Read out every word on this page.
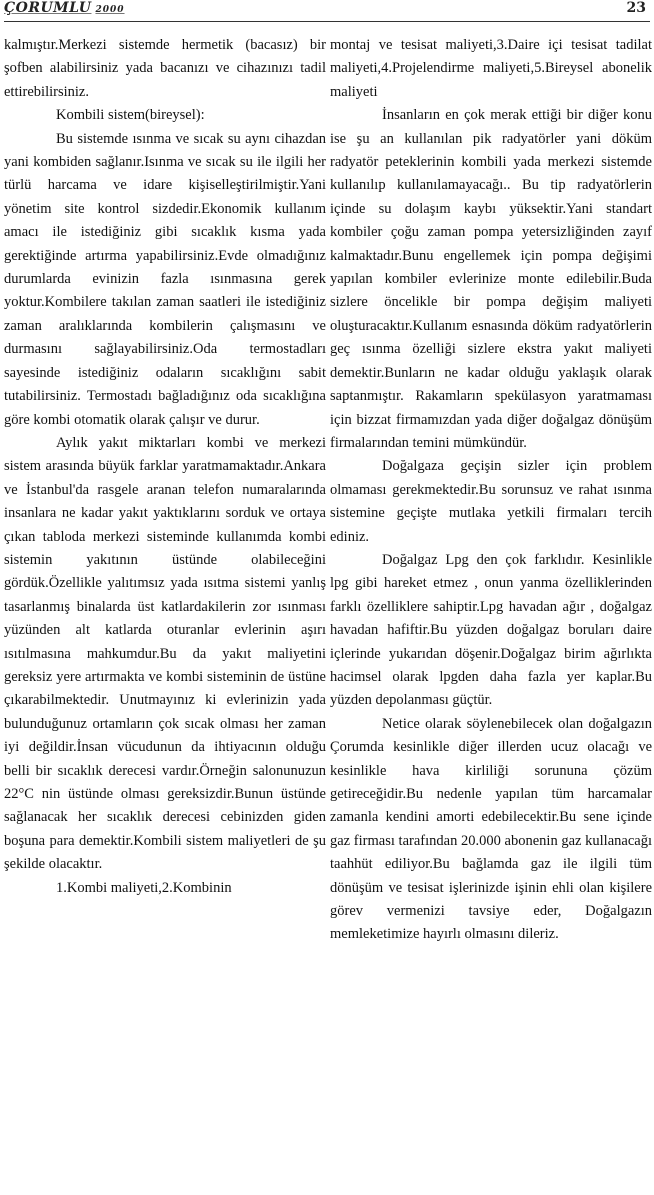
ÇORUMLU 2000	23

kalmıştır.Merkezi sistemde hermetik (bacasız) bir şofben alabilirsiniz yada bacanızı ve cihazınızı tadil ettirebilirsiniz.

Kombili sistem(bireysel):

Bu sistemde ısınma ve sıcak su aynı cihazdan yani kombiden sağlanır.Isınma ve sıcak su ile ilgili her türlü harcama ve idare kişiselleştirilmiştir.Yani yönetim site kontrol sizdedir.Ekonomik kullanım amacı ile istediğiniz gibi sıcaklık kısma yada gerektiğinde artırma yapabilirsiniz.Evde olmadığınız durumlarda evinizin fazla ısınmasına gerek yoktur.Kombilere takılan zaman saatleri ile istediğiniz zaman aralıklarında kombilerin çalışmasını ve durmasını sağlayabilirsiniz.Oda termostadları sayesinde istediğiniz odaların sıcaklığını sabit tutabilirsiniz. Termostadı bağladığınız oda sıcaklığına göre kombi otomatik olarak çalışır ve durur.

Aylık yakıt miktarları kombi ve merkezi sistem arasında büyük farklar yaratmamaktadır.Ankara ve İstanbul'da rasgele aranan telefon numaralarında insanlara ne kadar yakıt yaktıklarını sorduk ve ortaya çıkan tabloda merkezi sisteminde kullanımda kombi sistemin yakıtının üstünde olabileceğini gördük.Özellikle yalıtımsız yada ısıtma sistemi yanlış tasarlanmış binalarda üst katlardakilerin zor ısınması yüzünden alt katlarda oturanlar evlerinin aşırı ısıtılmasına mahkumdur.Bu da yakıt maliyetini gereksiz yere artırmakta ve kombi sisteminin de üstüne çıkarabilmektedir. Unutmayınız ki evlerinizin yada bulunduğunuz ortamların çok sıcak olması her zaman iyi değildir.İnsan vücudunun da ihtiyacının olduğu belli bir sıcaklık derecesi vardır.Örneğin salonunuzun 22°C nin üstünde olması gereksizdir.Bunun üstünde sağlanacak her sıcaklık derecesi cebinizden giden boşuna para demektir.Kombili sistem maliyetleri de şu şekilde olacaktır.

1.Kombi maliyeti,2.Kombinin

montaj ve tesisat maliyeti,3.Daire içi tesisat tadilat maliyeti,4.Projelendirme maliyeti,5.Bireysel abonelik maliyeti

İnsanların en çok merak ettiği bir diğer konu ise şu an kullanılan pik radyatörler yani döküm radyatör peteklerinin kombili yada merkezi sistemde kullanılıp kullanılamayacağı.. Bu tip radyatörlerin içinde su dolaşım kaybı yüksektir.Yani standart kombiler çoğu zaman pompa yetersizliğinden zayıf kalmaktadır.Bunu engellemek için pompa değişimi yapılan kombiler evlerinize monte edilebilir.Buda sizlere öncelikle bir pompa değişim maliyeti oluşturacaktır.Kullanım esnasında döküm radyatörlerin geç ısınma özelliği sizlere ekstra yakıt maliyeti demektir.Bunların ne kadar olduğu yaklaşık olarak saptanmıştır. Rakamların spekülasyon yaratmaması için bizzat firmamızdan yada diğer doğalgaz dönüşüm firmalarından temini mümkündür.

Doğalgaza geçişin sizler için problem olmaması gerekmektedir.Bu sorunsuz ve rahat ısınma sistemine geçişte mutlaka yetkili firmaları tercih ediniz.

Doğalgaz Lpg den çok farklıdır. Kesinlikle lpg gibi hareket etmez , onun yanma özelliklerinden farklı özelliklere sahiptir.Lpg havadan ağır , doğalgaz havadan hafiftir.Bu yüzden doğalgaz boruları daire içlerinde yukarıdan döşenir.Doğalgaz birim ağırlıkta hacimsel olarak lpgden daha fazla yer kaplar.Bu yüzden depolanması güçtür.

Netice olarak söylenebilecek olan doğalgazın Çorumda kesinlikle diğer illerden ucuz olacağı ve kesinlikle hava kirliliği sorununa çözüm getireceğidir.Bu nedenle yapılan tüm harcamalar zamanla kendini amorti edebilecektir.Bu sene içinde gaz firması tarafından 20.000 abonenin gaz kullanacağı taahhüt ediliyor.Bu bağlamda gaz ile ilgili tüm dönüşüm ve tesisat işlerinizde işinin ehli olan kişilere görev vermenizi tavsiye eder, Doğalgazın memleketimize hayırlı olmasını dileriz.
